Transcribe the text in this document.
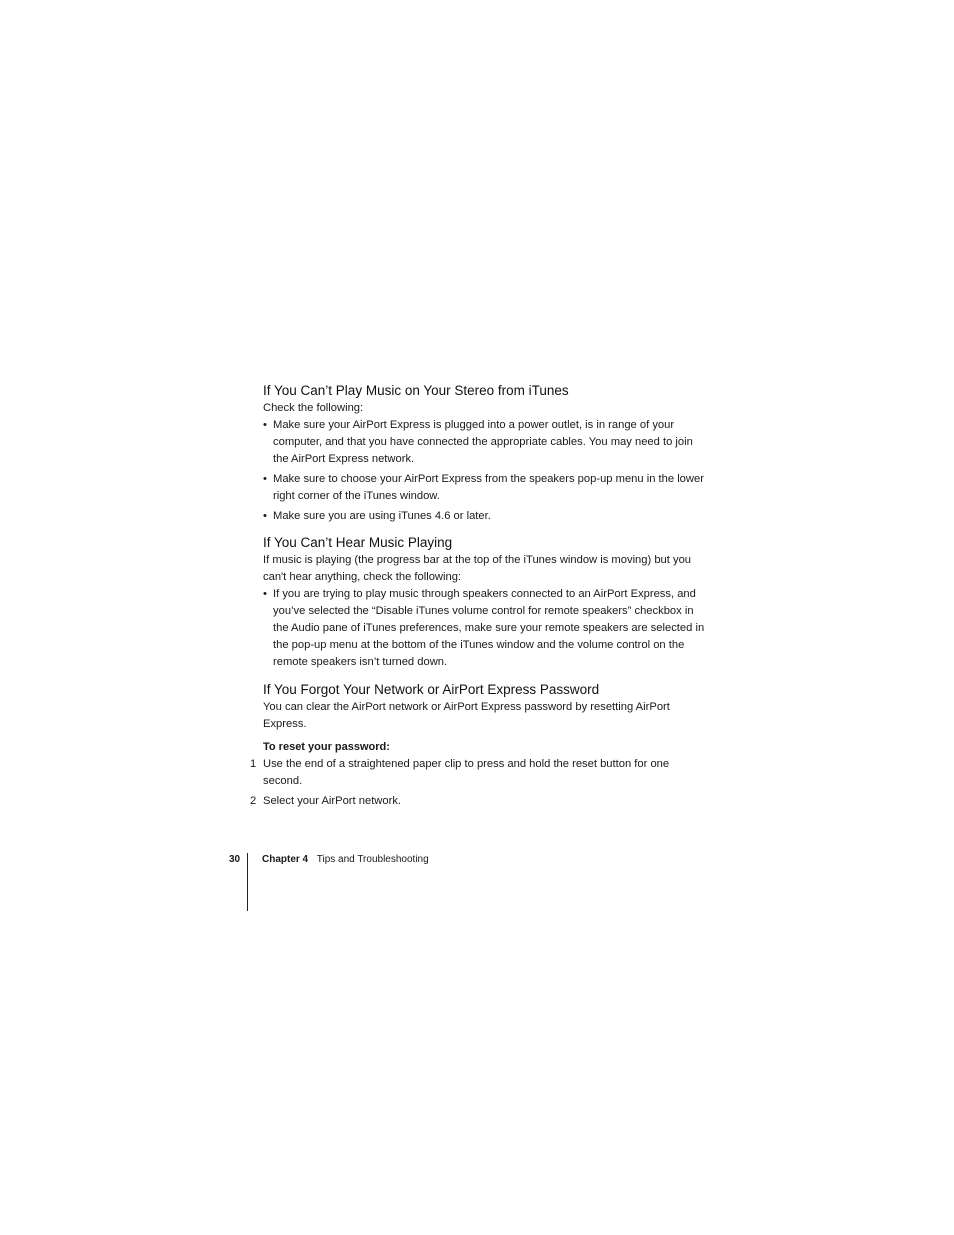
If You Can’t Play Music on Your Stereo from iTunes

Check the following:

• Make sure your AirPort Express is plugged into a power outlet, is in range of your computer, and that you have connected the appropriate cables. You may need to join the AirPort Express network.
• Make sure to choose your AirPort Express from the speakers pop-up menu in the lower right corner of the iTunes window.
• Make sure you are using iTunes 4.6 or later.
If You Can’t Hear Music Playing

If music is playing (the progress bar at the top of the iTunes window is moving) but you can't hear anything, check the following:

• If you are trying to play music through speakers connected to an AirPort Express, and you’ve selected the “Disable iTunes volume control for remote speakers” checkbox in the Audio pane of iTunes preferences, make sure your remote speakers are selected in the pop-up menu at the bottom of the iTunes window and the volume control on the remote speakers isn’t turned down.
If You Forgot Your Network or AirPort Express Password

You can clear the AirPort network or AirPort Express password by resetting AirPort Express.

To reset your password:

1 Use the end of a straightened paper clip to press and hold the reset button for one second.
2 Select your AirPort network.
30 Chapter 4 Tips and Troubleshooting
